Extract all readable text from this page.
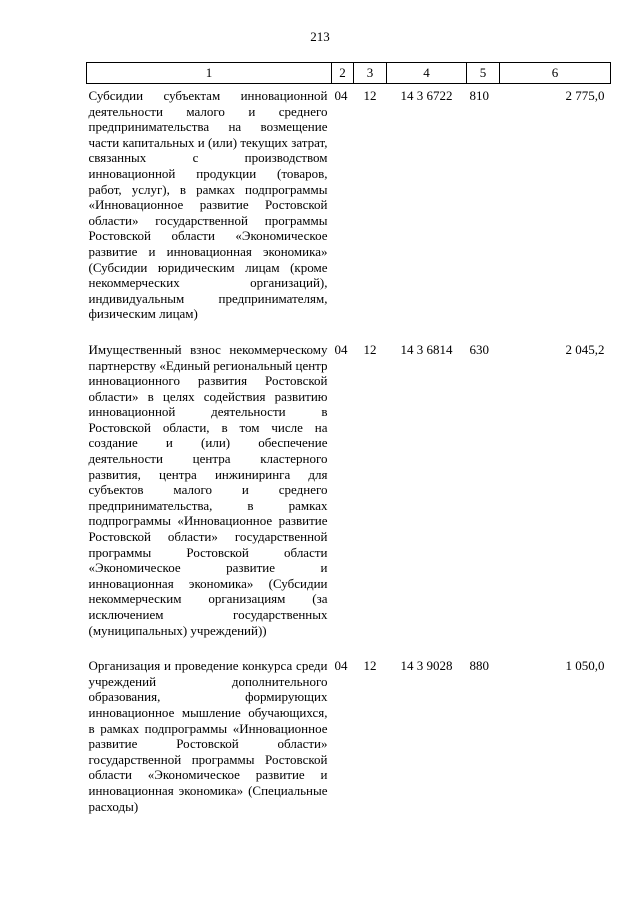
213
1	2	3	4	5	6
Субсидии субъектам инновационной деятельности малого и среднего предпринимательства на возмещение части капитальных и (или) текущих затрат, связанных с производством инновационной продукции (товаров, работ, услуг), в рамках подпрограммы «Инновационное развитие Ростовской области» государственной программы Ростовской области «Экономическое развитие и инновационная экономика» (Субсидии юридическим лицам (кроме некоммерческих организаций), индивидуальным предпринимателям, физическим лицам)	04	12	14 3 6722	810	2 775,0
Имущественный взнос некоммерческому партнерству «Единый региональный центр инновационного развития Ростовской области» в целях содействия развитию инновационной деятельности в Ростовской области, в том числе на создание и (или) обеспечение деятельности центра кластерного развития, центра инжиниринга для субъектов малого и среднего предпринимательства, в рамках подпрограммы «Инновационное развитие Ростовской области» государственной программы Ростовской области «Экономическое развитие и инновационная экономика» (Субсидии некоммерческим организациям (за исключением государственных (муниципальных) учреждений))	04	12	14 3 6814	630	2 045,2
Организация и проведение конкурса среди учреждений дополнительного образования, формирующих инновационное мышление обучающихся, в рамках подпрограммы «Инновационное развитие Ростовской области» государственной программы Ростовской области «Экономическое развитие и инновационная экономика» (Специальные расходы)	04	12	14 3 9028	880	1 050,0
